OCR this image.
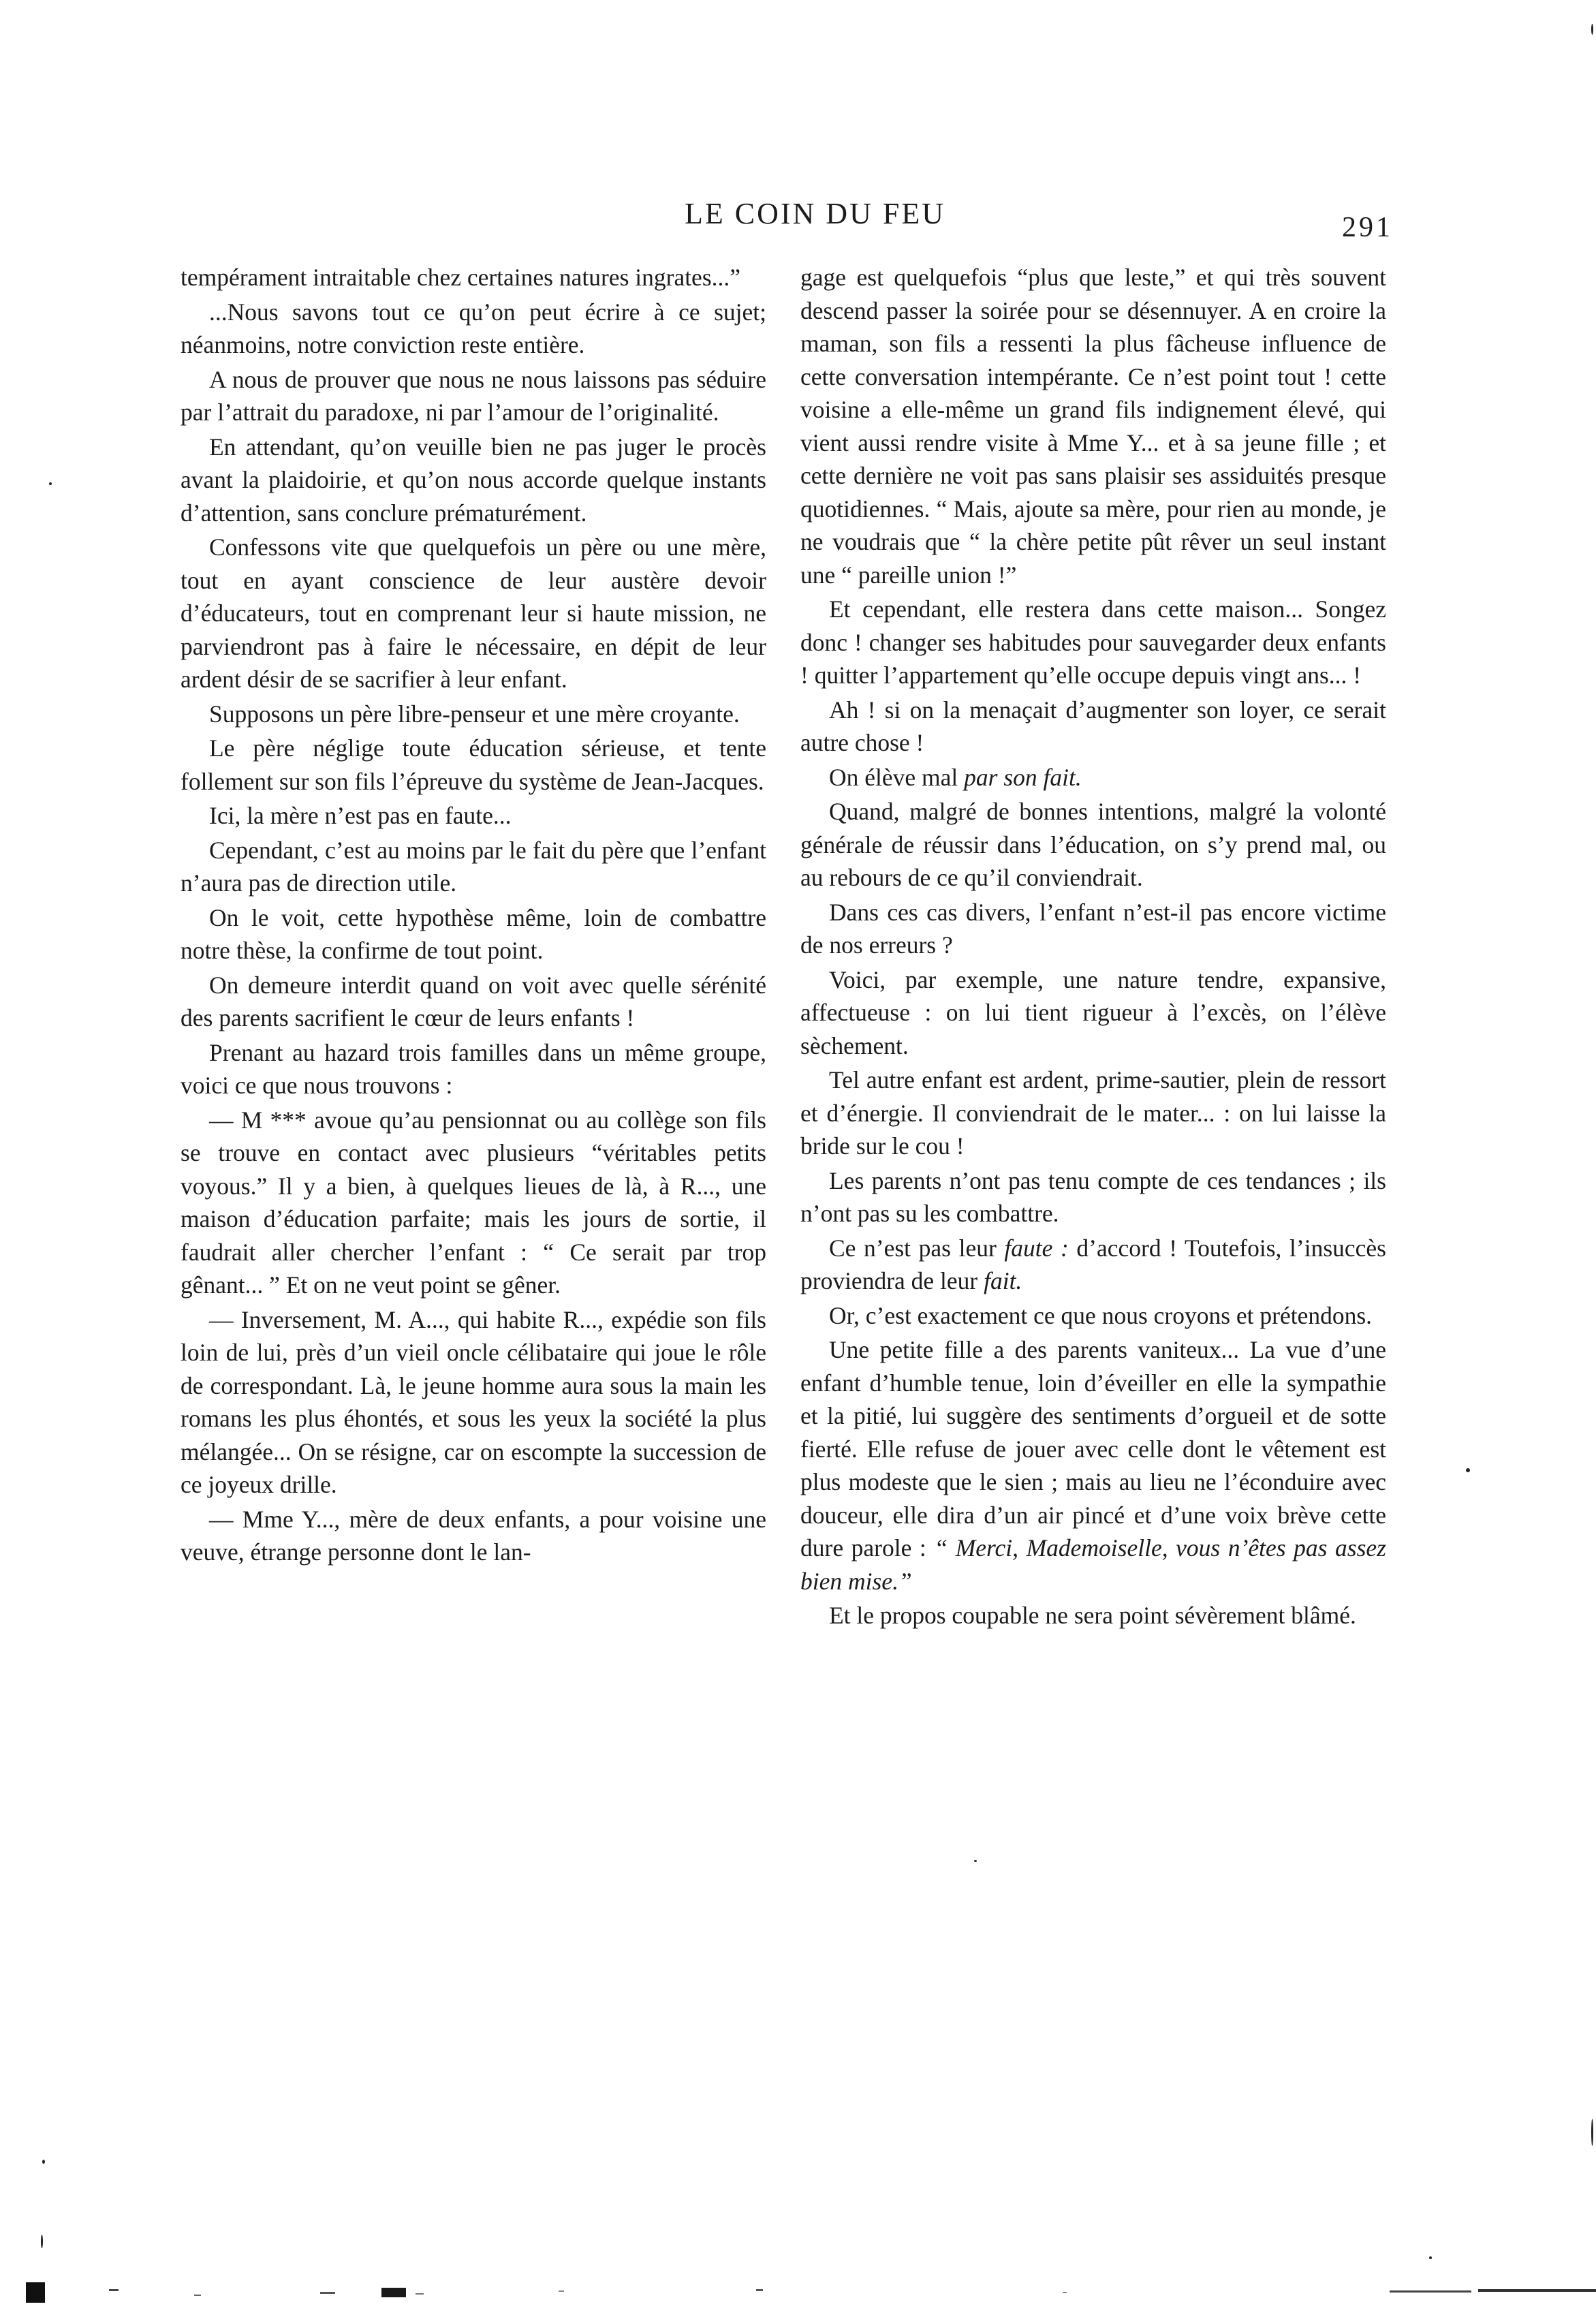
LE COIN DU FEU	291

tempérament intraitable chez certaines natures ingrates...”

...Nous savons tout ce qu’on peut écrire à ce sujet; néanmoins, notre conviction reste entière.

A nous de prouver que nous ne nous laissons pas séduire par l’attrait du paradoxe, ni par l’amour de l’originalité.

En attendant, qu’on veuille bien ne pas juger le procès avant la plaidoirie, et qu’on nous accorde quelque instants d’attention, sans conclure prématurément.

Confessons vite que quelquefois un père ou une mère, tout en ayant conscience de leur austère devoir d’éducateurs, tout en comprenant leur si haute mission, ne parviendront pas à faire le nécessaire, en dépit de leur ardent désir de se sacrifier à leur enfant.

Supposons un père libre-penseur et une mère croyante.

Le père néglige toute éducation sérieuse, et tente follement sur son fils l’épreuve du système de Jean-Jacques.

Ici, la mère n’est pas en faute...

Cependant, c’est au moins par le fait du père que l’enfant n’aura pas de direction utile.

On le voit, cette hypothèse même, loin de combattre notre thèse, la confirme de tout point.

On demeure interdit quand on voit avec quelle sérénité des parents sacrifient le cœur de leurs enfants !

Prenant au hazard trois familles dans un même groupe, voici ce que nous trouvons :

— M *** avoue qu’au pensionnat ou au collège son fils se trouve en contact avec plusieurs “véritables petits voyous.” Il y a bien, à quelques lieues de là, à R..., une maison d’éducation parfaite; mais les jours de sortie, il faudrait aller chercher l’enfant : “ Ce serait par trop gênant... ” Et on ne veut point se gêner.

— Inversement, M. A..., qui habite R..., expédie son fils loin de lui, près d’un vieil oncle célibataire qui joue le rôle de correspondant. Là, le jeune homme aura sous la main les romans les plus éhontés, et sous les yeux la société la plus mélangée... On se résigne, car on escompte la succession de ce joyeux drille.

— Mme Y..., mère de deux enfants, a pour voisine une veuve, étrange personne dont le lan-

gage est quelquefois “plus que leste,” et qui très souvent descend passer la soirée pour se désennuyer. A en croire la maman, son fils a ressenti la plus fâcheuse influence de cette conversation intempérante. Ce n’est point tout ! cette voisine a elle-même un grand fils indignement élevé, qui vient aussi rendre visite à Mme Y... et à sa jeune fille ; et cette dernière ne voit pas sans plaisir ses assiduités presque quotidiennes. “ Mais, ajoute sa mère, pour rien au monde, je ne voudrais que “ la chère petite pût rêver un seul instant une “ pareille union !”

Et cependant, elle restera dans cette maison... Songez donc ! changer ses habitudes pour sauvegarder deux enfants ! quitter l’appartement qu’elle occupe depuis vingt ans... !

Ah ! si on la menaçait d’augmenter son loyer, ce serait autre chose !

On élève mal par son fait.

Quand, malgré de bonnes intentions, malgré la volonté générale de réussir dans l’éducation, on s’y prend mal, ou au rebours de ce qu’il conviendrait.

Dans ces cas divers, l’enfant n’est-il pas encore victime de nos erreurs ?

Voici, par exemple, une nature tendre, expansive, affectueuse : on lui tient rigueur à l’excès, on l’élève sèchement.

Tel autre enfant est ardent, prime-sautier, plein de ressort et d’énergie. Il conviendrait de le mater... : on lui laisse la bride sur le cou !

Les parents n’ont pas tenu compte de ces tendances ; ils n’ont pas su les combattre.

Ce n’est pas leur faute : d’accord ! Toutefois, l’insuccès proviendra de leur fait.

Or, c’est exactement ce que nous croyons et prétendons.

Une petite fille a des parents vaniteux... La vue d’une enfant d’humble tenue, loin d’éveiller en elle la sympathie et la pitié, lui suggère des sentiments d’orgueil et de sotte fierté. Elle refuse de jouer avec celle dont le vêtement est plus modeste que le sien ; mais au lieu ne l’éconduire avec douceur, elle dira d’un air pincé et d’une voix brève cette dure parole : “ Merci, Mademoiselle, vous n’êtes pas assez bien mise.”

Et le propos coupable ne sera point sévèrement blâmé.
